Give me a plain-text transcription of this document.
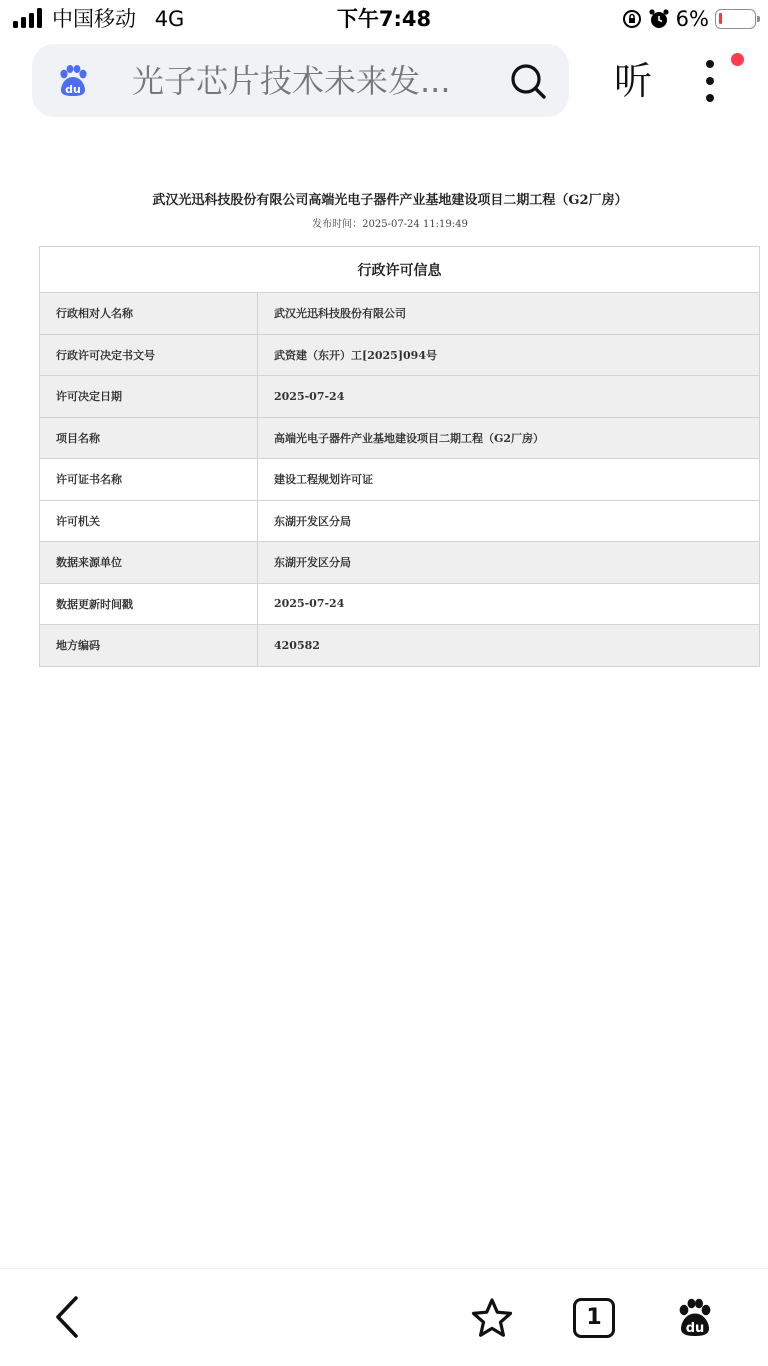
中国移动 4G	下午7:48	6%
du 光子芯片技术未来发...	听
武汉光迅科技股份有限公司高端光电子器件产业基地建设项目二期工程（G2厂房）
发布时间：2025-07-24 11:19:49
行政许可信息	
行政相对人名称	武汉光迅科技股份有限公司
行政许可决定书文号	武资建（东开）工[2025]094号
许可决定日期	2025-07-24
项目名称	高端光电子器件产业基地建设项目二期工程（G2厂房）
许可证书名称	建设工程规划许可证
许可机关	东湖开发区分局
数据来源单位	东湖开发区分局
数据更新时间戳	2025-07-24
地方编码	420582
1	du
